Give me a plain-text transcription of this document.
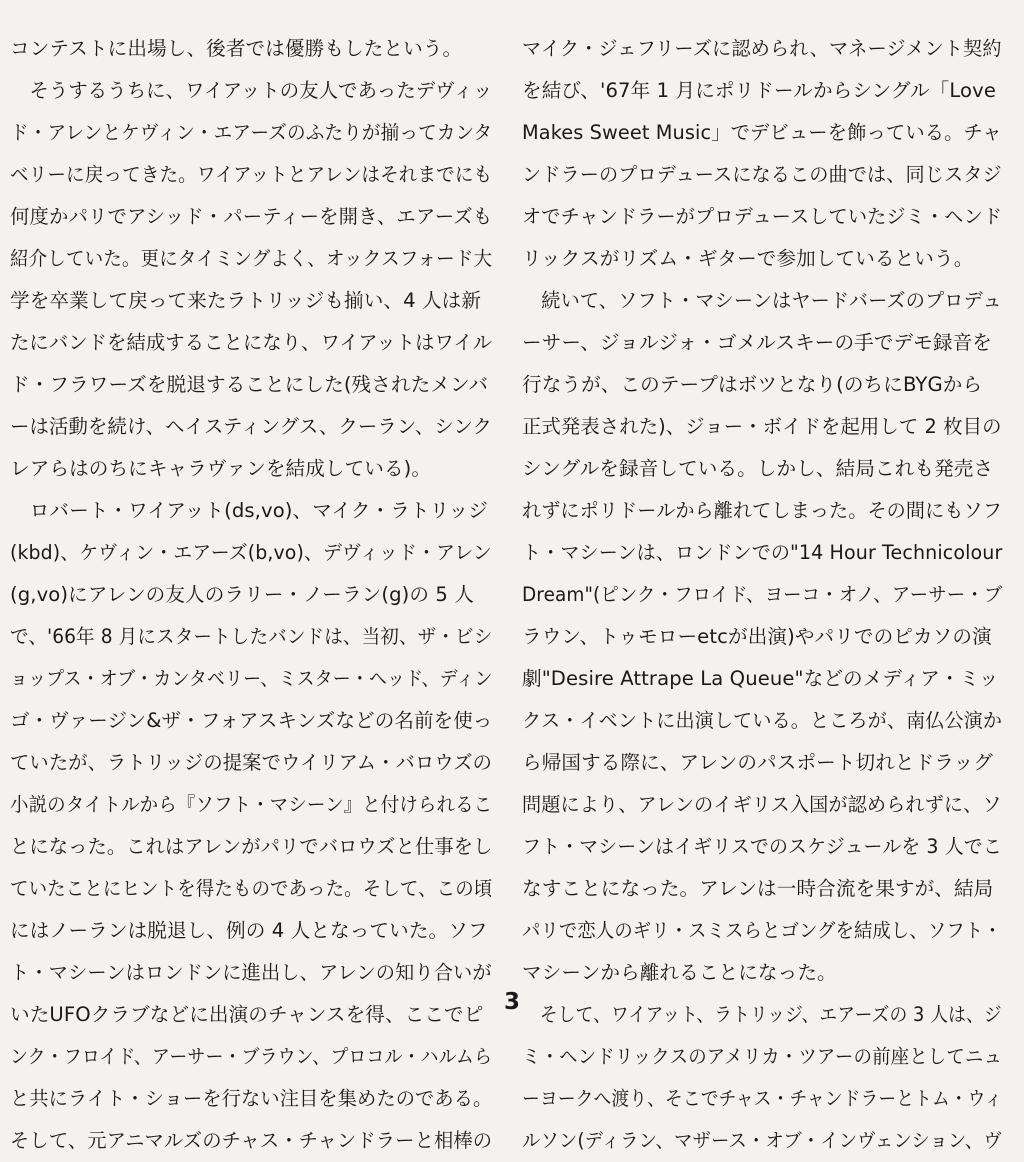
コンテストに出場し、後者では優勝もしたという。
　そうするうちに、ワイアットの友人であったデヴィッ
ド・アレンとケヴィン・エアーズのふたりが揃ってカンタ
ベリーに戻ってきた。ワイアットとアレンはそれまでにも
何度かパリでアシッド・パーティーを開き、エアーズも
紹介していた。更にタイミングよく、オックスフォード大
学を卒業して戻って来たラトリッジも揃い、4 人は新
たにバンドを結成することになり、ワイアットはワイル
ド・フラワーズを脱退することにした(残されたメンバ
ーは活動を続け、ヘイスティングス、クーラン、シンク
レアらはのちにキャラヴァンを結成している)。
　ロバート・ワイアット(ds,vo)、マイク・ラトリッジ
(kbd)、ケヴィン・エアーズ(b,vo)、デヴィッド・アレン
(g,vo)にアレンの友人のラリー・ノーラン(g)の 5 人
で、'66年 8 月にスタートしたバンドは、当初、ザ・ビシ
ョップス・オブ・カンタベリー、ミスター・ヘッド、ディン
ゴ・ヴァージン&ザ・フォアスキンズなどの名前を使っ
ていたが、ラトリッジの提案でウイリアム・バロウズの
小説のタイトルから『ソフト・マシーン』と付けられるこ
とになった。これはアレンがパリでバロウズと仕事をし
ていたことにヒントを得たものであった。そして、この頃
にはノーランは脱退し、例の 4 人となっていた。ソフ
ト・マシーンはロンドンに進出し、アレンの知り合いが
いたUFOクラブなどに出演のチャンスを得、ここでピ
ンク・フロイド、アーサー・ブラウン、プロコル・ハルムら
と共にライト・ショーを行ない注目を集めたのである。
そして、元アニマルズのチャス・チャンドラーと相棒の
マイク・ジェフリーズに認められ、マネージメント契約
を結び、'67年 1 月にポリドールからシングル「Love
Makes Sweet Music」でデビューを飾っている。チャ
ンドラーのプロデュースになるこの曲では、同じスタジ
オでチャンドラーがプロデュースしていたジミ・ヘンド
リックスがリズム・ギターで参加しているという。
　続いて、ソフト・マシーンはヤードバーズのプロデュ
ーサー、ジョルジォ・ゴメルスキーの手でデモ録音を
行なうが、このテープはボツとなり(のちにBYGから
正式発表された)、ジョー・ボイドを起用して 2 枚目の
シングルを録音している。しかし、結局これも発売さ
れずにポリドールから離れてしまった。その間にもソフ
ト・マシーンは、ロンドンでの"14 Hour Technicolour
Dream"(ピンク・フロイド、ヨーコ・オノ、アーサー・ブ
ラウン、トゥモローetcが出演)やパリでのピカソの演
劇"Desire Attrape La Queue"などのメディア・ミッ
クス・イベントに出演している。ところが、南仏公演か
ら帰国する際に、アレンのパスポート切れとドラッグ
問題により、アレンのイギリス入国が認められずに、ソ
フト・マシーンはイギリスでのスケジュールを 3 人でこ
なすことになった。アレンは一時合流を果すが、結局
パリで恋人のギリ・スミスらとゴングを結成し、ソフト・
マシーンから離れることになった。
　そして、ワイアット、ラトリッジ、エアーズの 3 人は、ジ
ミ・ヘンドリックスのアメリカ・ツアーの前座としてニュ
ーヨークへ渡り、そこでチャス・チャンドラーとトム・ウィ
ルソン(ディラン、マザース・オブ・インヴェンション、ヴ
3
